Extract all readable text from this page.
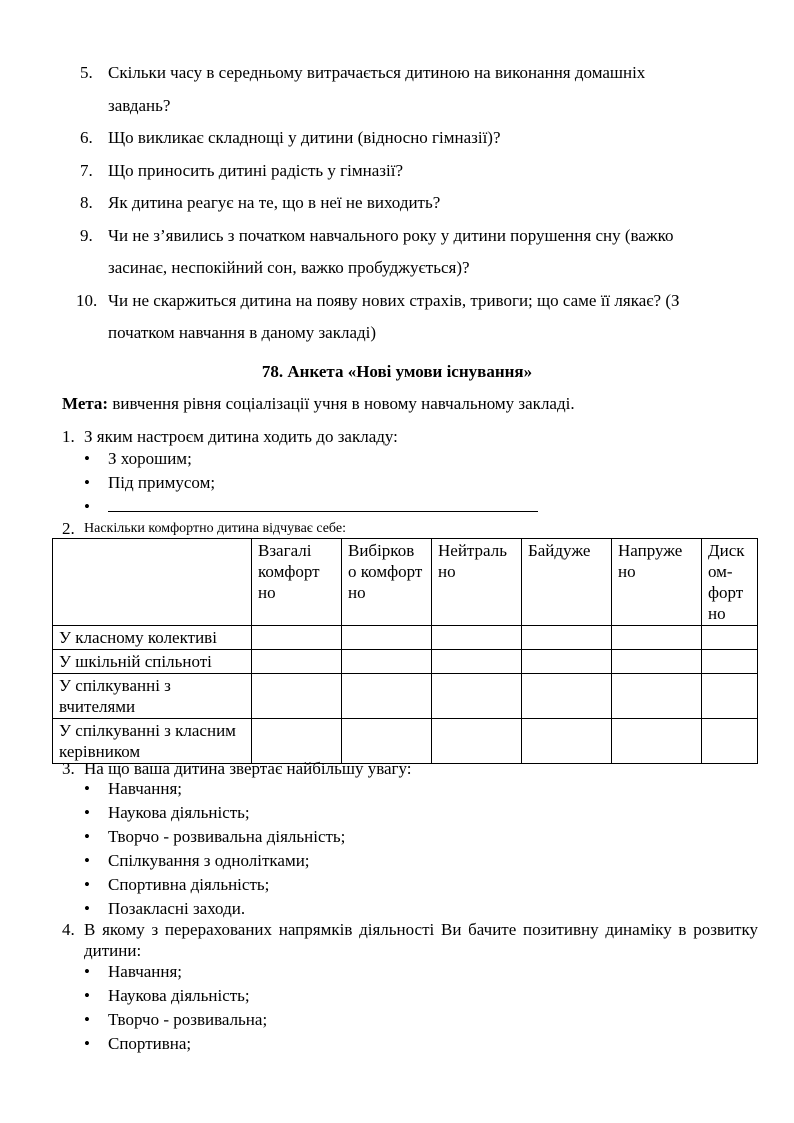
5. Скільки часу в середньому витрачається дитиною на виконання домашніх
завдань?
6. Що викликає складнощі у дитини (відносно гімназії)?
7. Що приносить дитині радість у гімназії?
8. Як дитина реагує на те, що в неї не виходить?
9. Чи не з’явились з початком навчального року у дитини порушення сну (важко
засинає, неспокійний сон, важко пробуджується)?
10. Чи не скаржиться дитина на появу нових страхів, тривоги; що саме її лякає? (З
початком навчання в даному закладі)
78. Анкета «Нові умови існування»
Мета: вивчення рівня соціалізації учня в новому навчальному закладі.
1. З яким настроєм дитина ходить до закладу:
• З хорошим;
• Під примусом;
•
2. Наскільки комфортно дитина відчуває себе:
	Взагалі комфорт но	Вибірков о комфорт но	Нейтраль но	Байдуже	Напруже но	Диск ом-форт но
У класному колективі						
У шкільній спільноті						
У спілкуванні з вчителями						
У спілкуванні з класним керівником						
3. На що ваша дитина звертає найбільшу увагу:
• Навчання;
• Наукова діяльність;
• Творчо - розвивальна діяльність;
• Спілкування з однолітками;
• Спортивна діяльність;
• Позакласні заходи.
4. В якому з перерахованих напрямків діяльності Ви бачите позитивну динаміку в розвитку дитини:
• Навчання;
• Наукова діяльність;
• Творчо - розвивальна;
• Спортивна;
